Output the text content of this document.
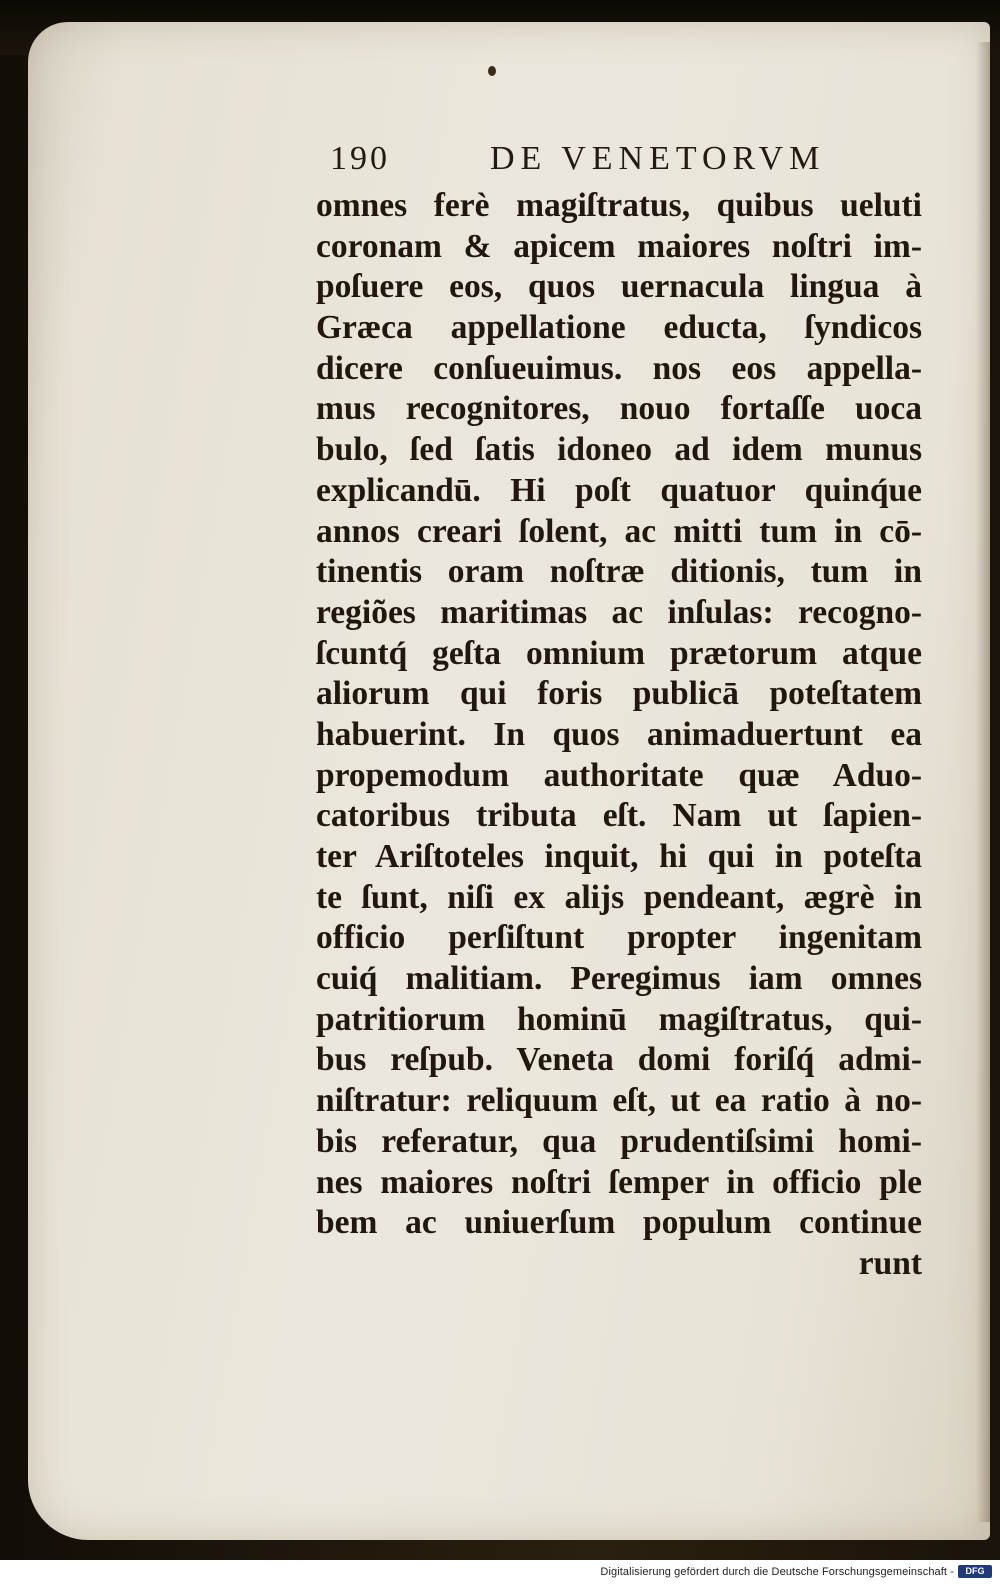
190	DE VENETORVM
omnes ferè magiſtratus, quibus ueluti
coronam & apicem maiores noſtri im-
poſuere eos, quos uernacula lingua à
Græca appellatione educta, ſyndicos
dicere conſueuimus. nos eos appella-
mus recognitores, nouo fortaſſe uoca
bulo, ſed ſatis idoneo ad idem munus
explicandū. Hi poſt quatuor quinq́ue
annos creari ſolent, ac mitti tum in cō-
tinentis oram noſtræ ditionis, tum in
regiões maritimas ac inſulas: recogno-
ſcuntq́ geſta omnium prætorum atque
aliorum qui foris publicā poteſtatem
habuerint. In quos animaduertunt ea
propemodum authoritate quæ Aduo-
catoribus tributa eſt. Nam ut ſapien-
ter Ariſtoteles inquit, hi qui in poteſta
te ſunt, niſi ex alijs pendeant, ægrè in
officio perſiſtunt propter ingenitam
cuiq́ malitiam. Peregimus iam omnes
patritiorum hominū magiſtratus, qui-
bus reſpub. Veneta domi foriſq́ admi-
niſtratur: reliquum eſt, ut ea ratio à no-
bis referatur, qua prudentiſsimi homi-
nes maiores noſtri ſemper in officio ple
bem ac uniuerſum populum continue
runt
Digitalisierung gefördert durch die Deutsche Forschungsgemeinschaft -	DFG
